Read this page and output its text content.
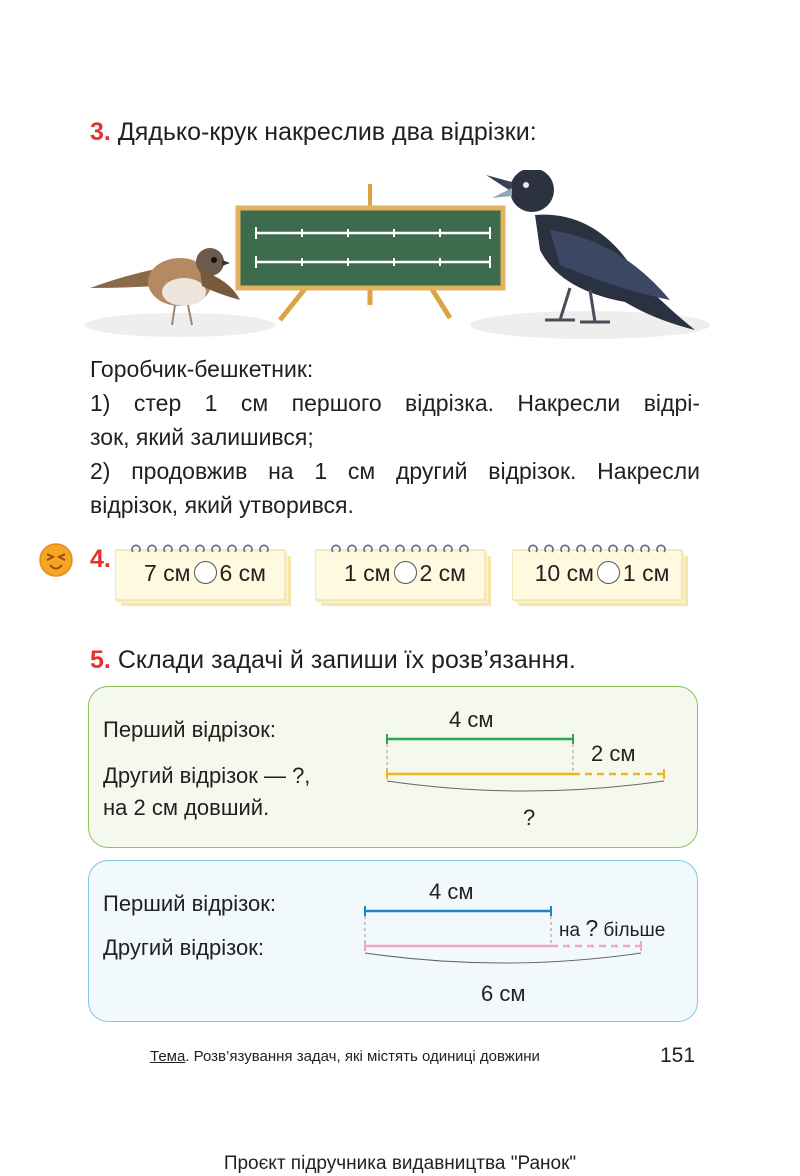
3. Дядько-крук накреслив два відрізки:
Горобчик-бешкетник:
1) стер 1 см першого відрізка. Накресли відрі-
зок, який залишився;
2) продовжив на 1 см другий відрізок. Накресли
відрізок, який утворився.
4.	7 см 6 см	1 см 2 см	10 см 1 см
5. Склади задачі й запиши їх розв’язання.
Перший відрізок:
Другий відрізок — ?,
на 2 см довший.
4 см
2 см
?
Перший відрізок:
Другий відрізок:
4 см
на ? більше
6 см
Тема. Розв’язування задач, які містять одиниці довжини	151
Проєкт підручника видавництва "Ранок"
